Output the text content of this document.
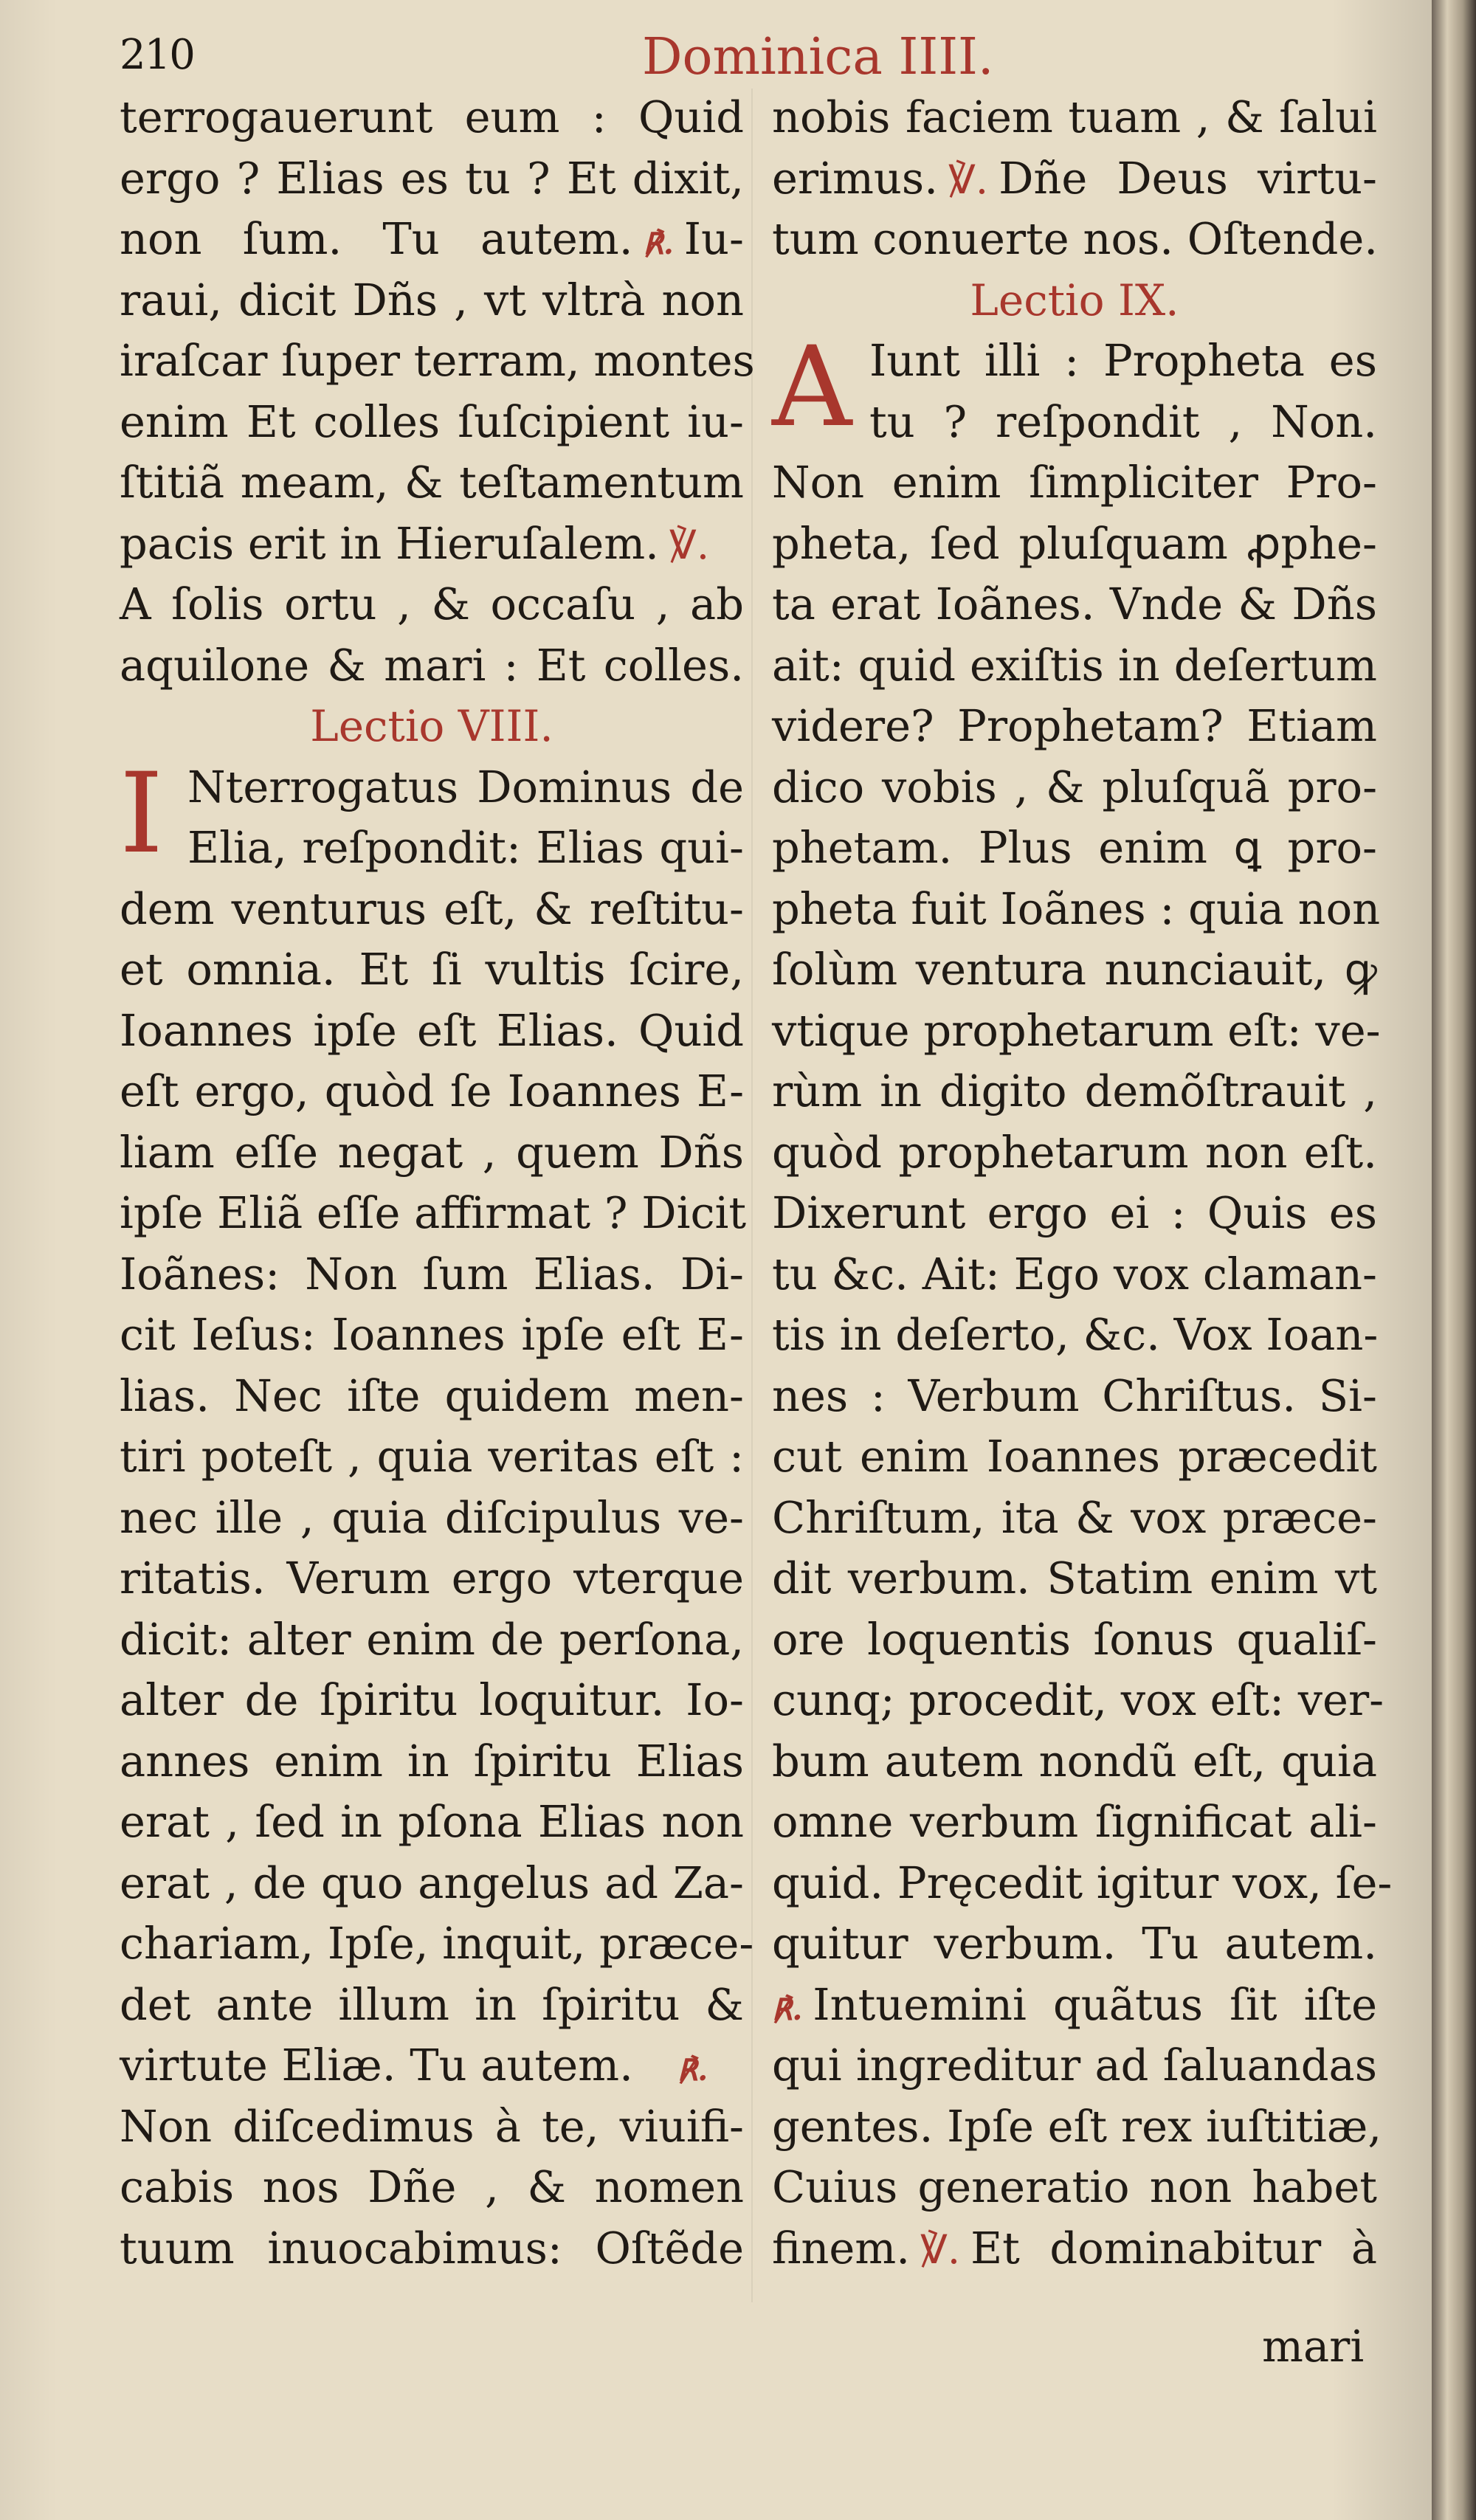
210	Dominica IIII.
terrogauerunt eum : Quid
ergo ? Elias es tu ? Et dixit,
non ſum. Tu autem. ℟. Iu-
raui, dicit Dñs , vt vltrà non
iraſcar ſuper terram, montes
enim Et colles ſuſcipient iu-
ſtitiã meam, & teſtamentum
pacis erit in Hieruſalem. ℣.
A ſolis ortu , & occaſu , ab
aquilone & mari : Et colles.
Lectio VIII.
I Nterrogatus Dominus de
Elia, reſpondit: Elias qui-
dem venturus eſt, & reſtitu-
et omnia. Et ſi vultis ſcire,
Ioannes ipſe eſt Elias. Quid
eſt ergo, quòd ſe Ioannes E-
liam eſſe negat , quem Dñs
ipſe Eliã eſſe affirmat ? Dicit
Ioãnes: Non ſum Elias. Di-
cit Ieſus: Ioannes ipſe eſt E-
lias. Nec iſte quidem men-
tiri poteſt , quia veritas eſt :
nec ille , quia diſcipulus ve-
ritatis. Verum ergo vterque
dicit: alter enim de perſona,
alter de ſpiritu loquitur. Io-
annes enim in ſpiritu Elias
erat , ſed in pſona Elias non
erat , de quo angelus ad Za-
chariam, Ipſe, inquit, præce-
det ante illum in ſpiritu &
virtute Eliæ. Tu autem. ℟.
Non diſcedimus à te, viuifi-
cabis nos Dñe , & nomen
tuum inuocabimus: Oſtẽde
nobis faciem tuam , & ſalui
erimus. ℣. Dñe Deus virtu-
tum conuerte nos. Oſtende.
Lectio IX.
A Iunt illi : Propheta es
tu ? reſpondit , Non.
Non enim ſimpliciter Pro-
pheta, ſed pluſquam ꝓphe-
ta erat Ioãnes. Vnde & Dñs
ait: quid exiſtis in deſertum
videre? Prophetam? Etiam
dico vobis , & pluſquã pro-
phetam. Plus enim ꝗ pro-
pheta fuit Ioãnes : quia non
ſolùm ventura nunciauit, ꝙ
vtique prophetarum eſt: ve-
rùm in digito demõſtrauit ,
quòd prophetarum non eſt.
Dixerunt ergo ei : Quis es
tu &c. Ait: Ego vox claman-
tis in deſerto, &c. Vox Ioan-
nes : Verbum Chriſtus. Si-
cut enim Ioannes præcedit
Chriſtum, ita & vox præce-
dit verbum. Statim enim vt
ore loquentis ſonus qualiſ-
cunq; procedit, vox eſt: ver-
bum autem nondũ eſt, quia
omne verbum ſignificat ali-
quid. Pręcedit igitur vox, ſe-
quitur verbum. Tu autem.
℟. Intuemini quãtus ſit iſte
qui ingreditur ad ſaluandas
gentes. Ipſe eſt rex iuſtitiæ,
Cuius generatio non habet
finem. ℣. Et dominabitur à
mari
